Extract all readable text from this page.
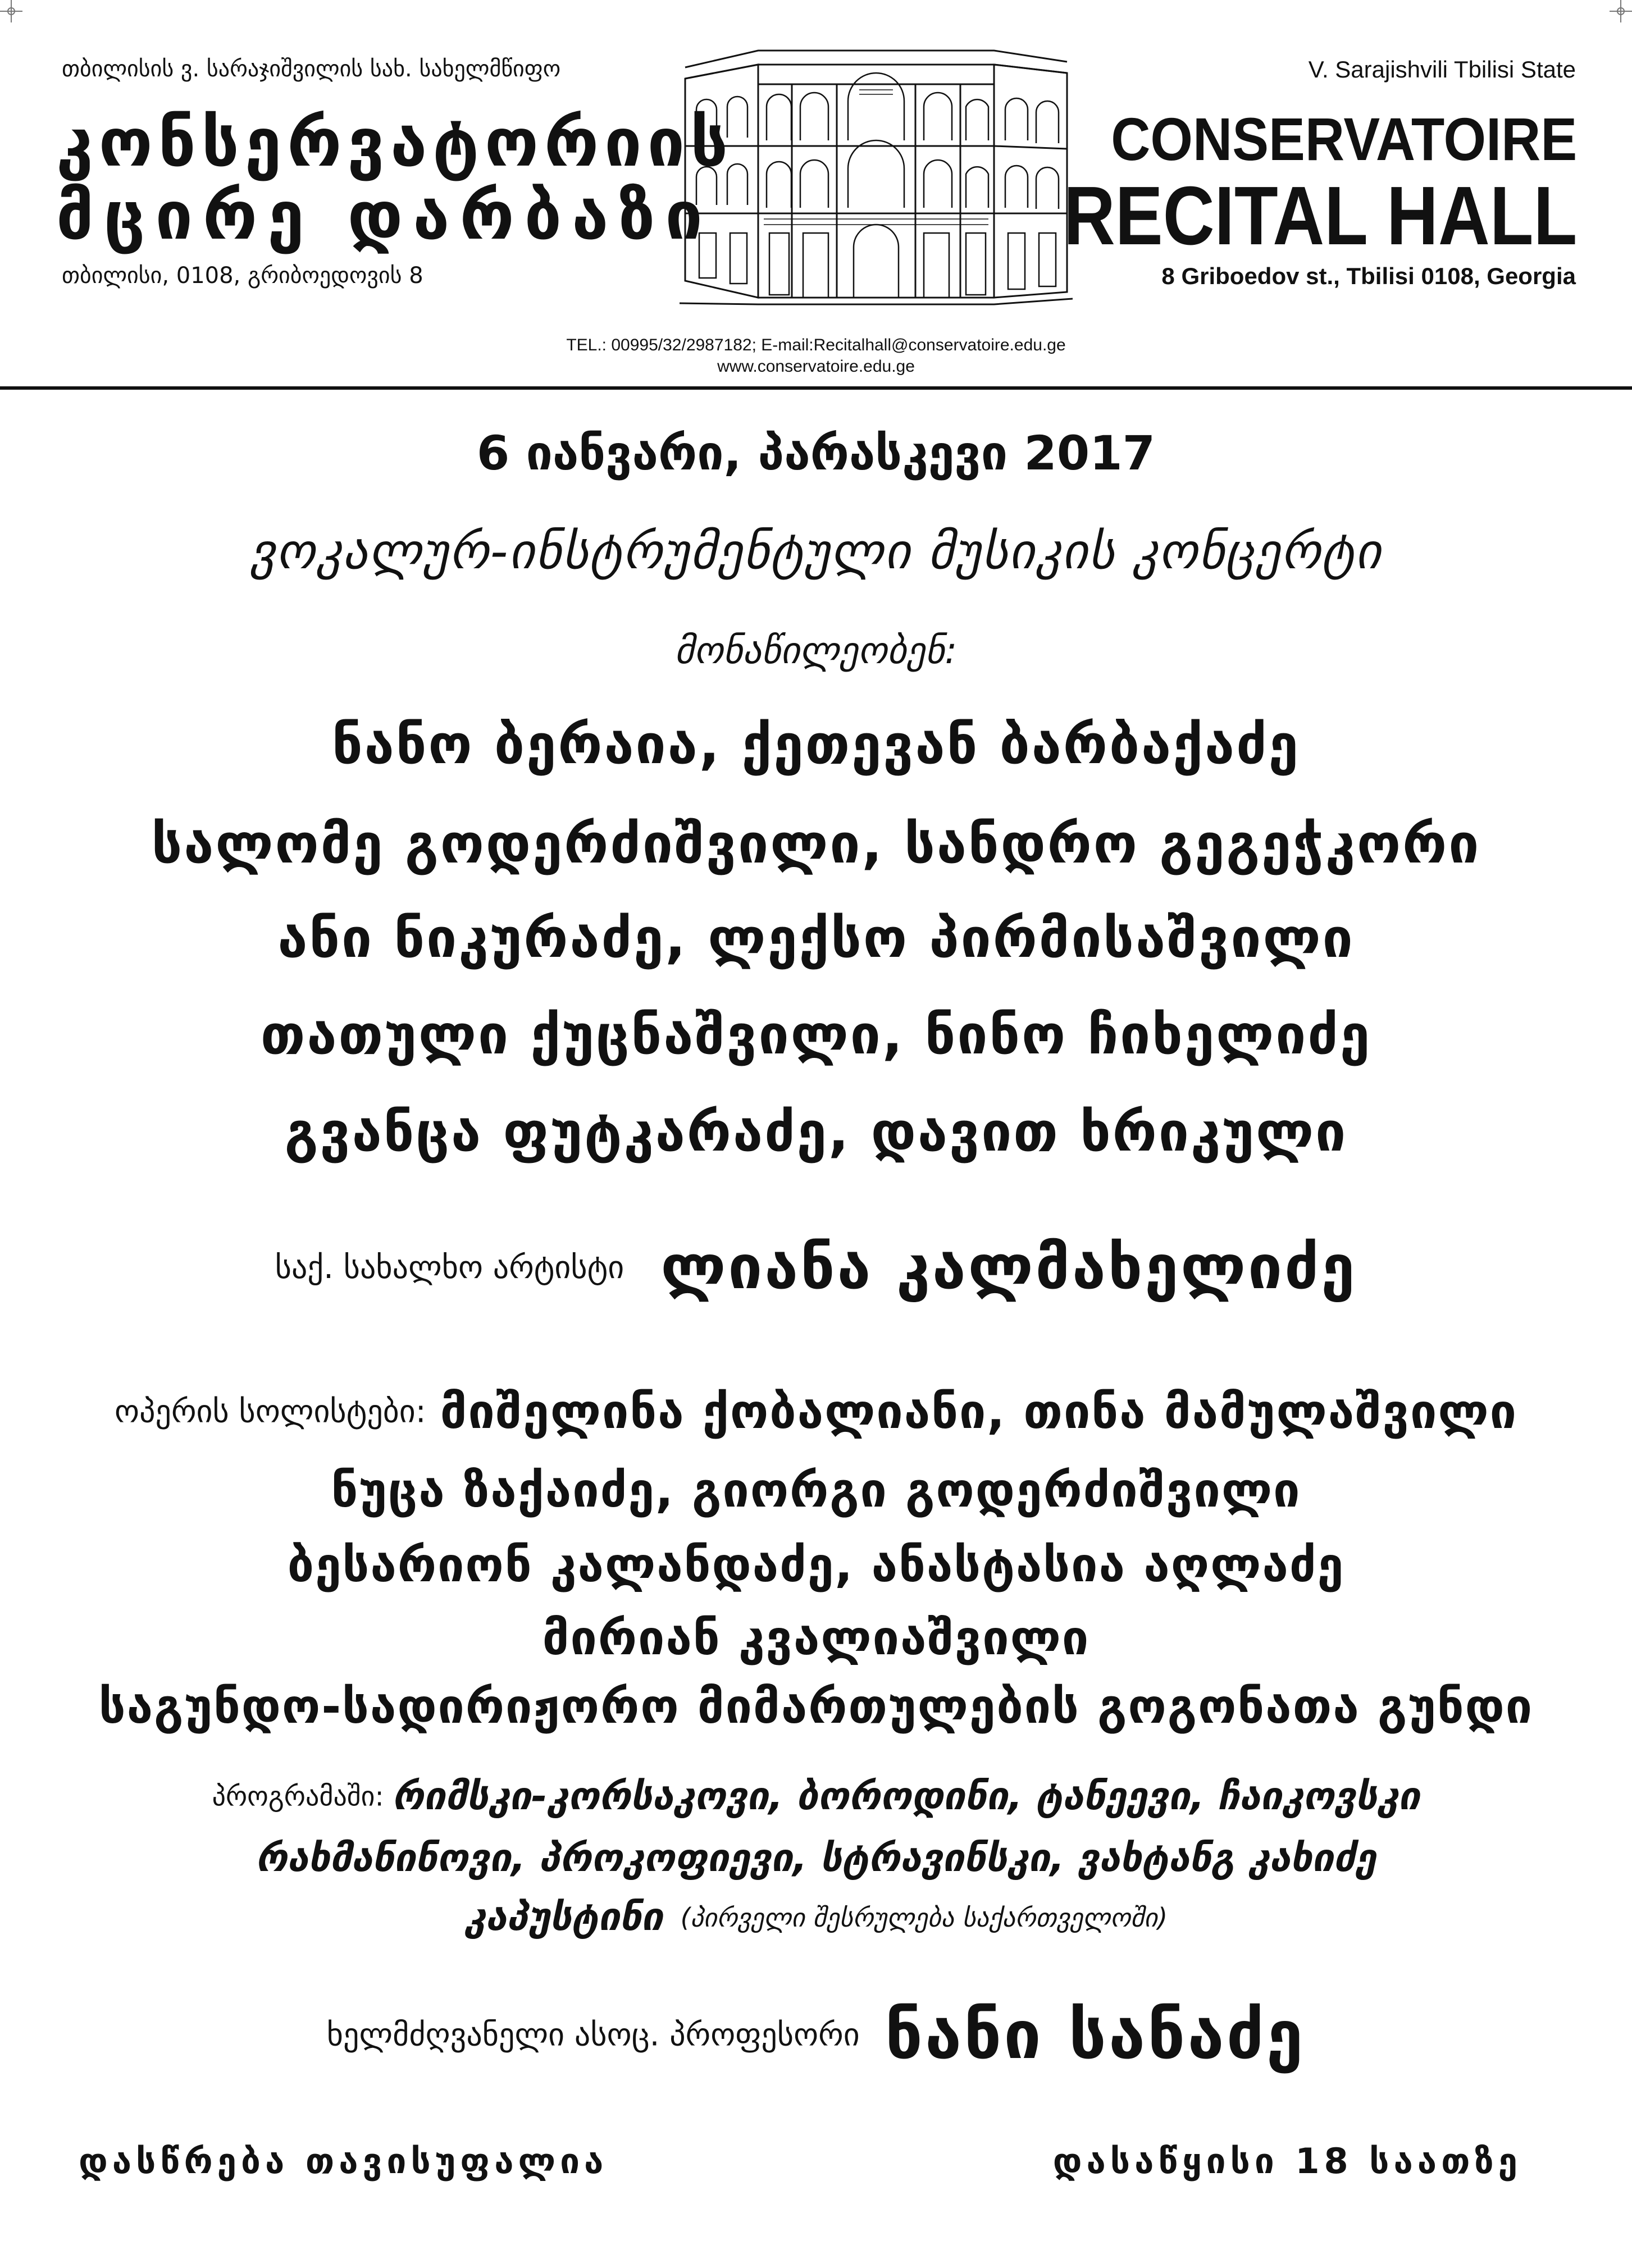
თბილისის ვ. სარაჯიშვილის სახ. სახელმწიფო
კონსერვატორიის
მცირე დარბაზი
თბილისი, 0108, გრიბოედოვის 8
V. Sarajishvili Tbilisi State
CONSERVATOIRE
RECITAL HALL
8 Griboedov st., Tbilisi 0108, Georgia
TEL.: 00995/32/2987182; E-mail:Recitalhall@conservatoire.edu.ge
www.conservatoire.edu.ge
6 იანვარი, პარასკევი 2017
ვოკალურ-ინსტრუმენტული მუსიკის კონცერტი
მონაწილეობენ:
ნანო ბერაია, ქეთევან ბარბაქაძე
სალომე გოდერძიშვილი, სანდრო გეგეჭკორი
ანი ნიკურაძე, ლექსო პირმისაშვილი
თათული ქუცნაშვილი, ნინო ჩიხელიძე
გვანცა ფუტკარაძე, დავით ხრიკული
საქ. სახალხო არტისტი ლიანა კალმახელიძე
ოპერის სოლისტები: მიშელინა ქობალიანი, თინა მამულაშვილი
ნუცა ზაქაიძე, გიორგი გოდერძიშვილი
ბესარიონ კალანდაძე, ანასტასია აღლაძე
მირიან კვალიაშვილი
საგუნდო-სადირიჟორო მიმართულების გოგონათა გუნდი
პროგრამაში: რიმსკი-კორსაკოვი, ბოროდინი, ტანეევი, ჩაიკოვსკი
რახმანინოვი, პროკოფიევი, სტრავინსკი, ვახტანგ კახიძე
კაპუსტინი (პირველი შესრულება საქართველოში)
ხელმძღვანელი ასოც. პროფესორი ნანი სანაძე
დასწრება თავისუფალია	დასაწყისი 18 საათზე
